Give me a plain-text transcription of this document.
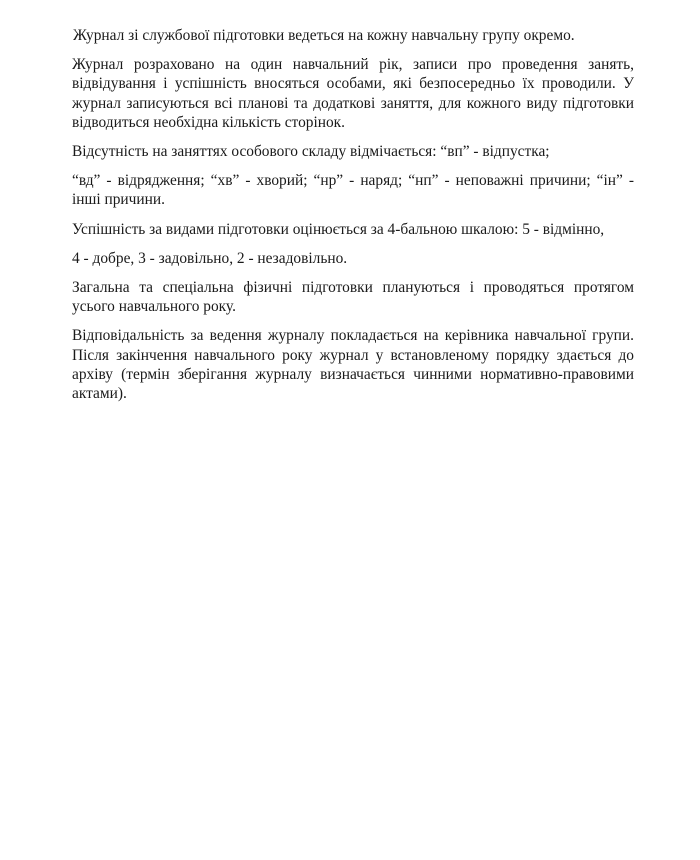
Журнал зі службової підготовки ведеться на кожну навчальну групу окремо.

Журнал розраховано на один навчальний рік, записи про проведення занять, відвідування і успішність вносяться особами, які безпосередньо їх проводили. У журнал записуються всі планові та додаткові заняття, для кожного виду підготовки відводиться необхідна кількість сторінок.

Відсутність на заняттях особового складу відмічається: “вп” - відпустка;

“вд” - відрядження; “хв” - хворий; “нр” - наряд; “нп” - неповажні причини; “ін” - інші причини.

Успішність за видами підготовки оцінюється за 4-бальною шкалою: 5 - відмінно,

4 - добре, 3 - задовільно, 2 - незадовільно.

Загальна та спеціальна фізичні підготовки плануються і проводяться протягом усього навчального року.

Відповідальність за ведення журналу покладається на керівника навчальної групи. Після закінчення навчального року журнал у встановленому порядку здається до архіву (термін зберігання журналу визначається чинними нормативно-правовими актами).
